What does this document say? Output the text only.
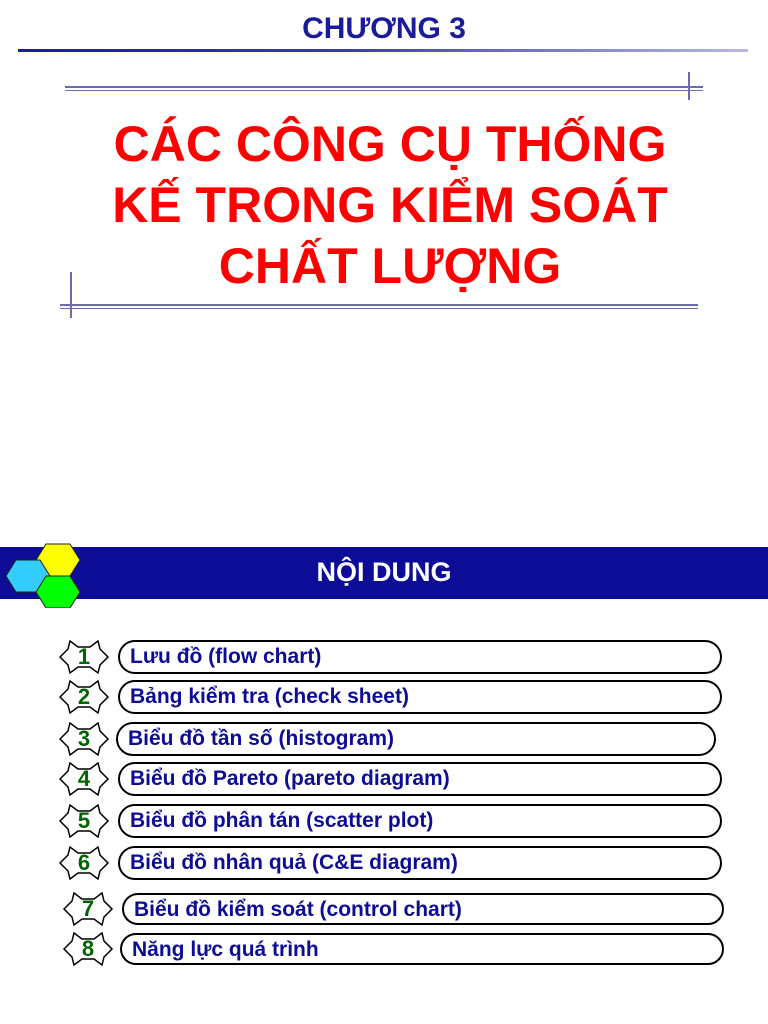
CHƯƠNG 3
CÁC CÔNG CỤ THỐNG
KẾ TRONG KIỂM SOÁT
CHẤT LƯỢNG
NỘI DUNG
Lưu đồ (flow chart)
1
Bảng kiểm tra (check sheet)
2
Biểu đồ tần số (histogram)
3
Biểu đồ Pareto (pareto diagram)
4
Biểu đồ phân tán (scatter plot)
5
Biểu đồ nhân quả (C&E diagram)
6
Biểu đồ kiểm soát (control chart)
7
Năng lực quá trình
8
